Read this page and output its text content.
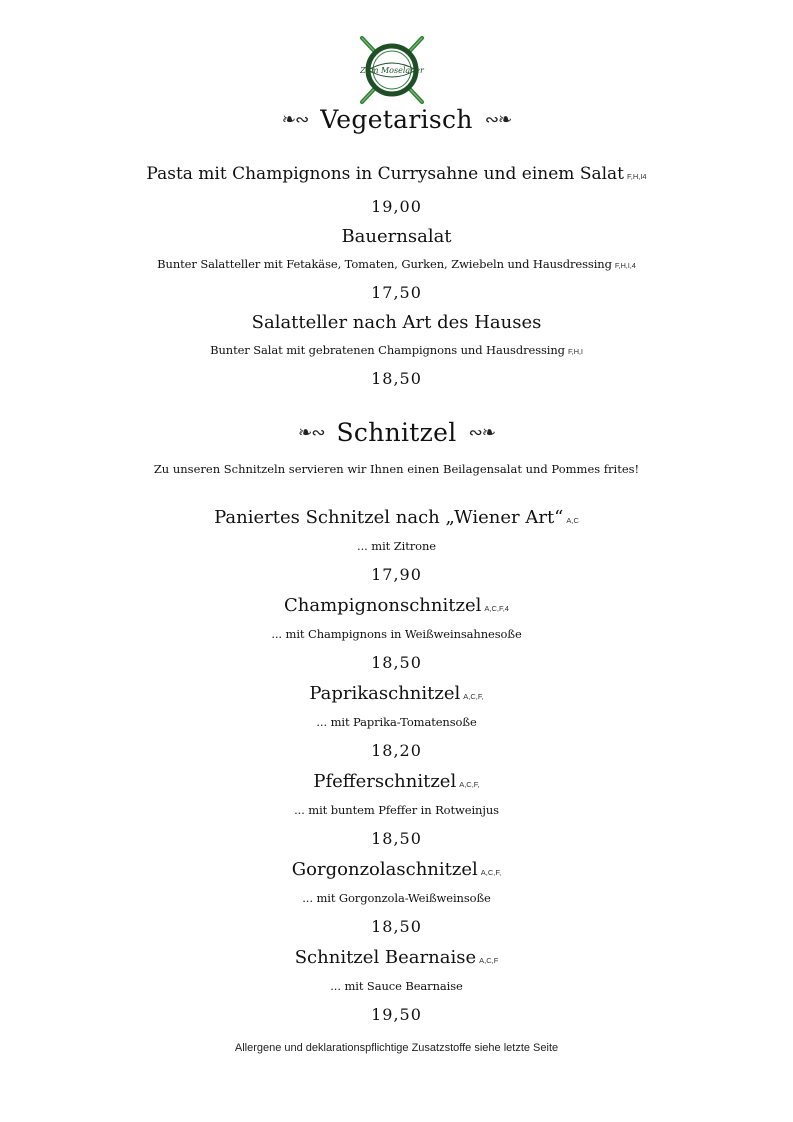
Zum Moselaner
❧∾ Vegetarisch ∾❧
Pasta mit Champignons in Currysahne und einem Salat F,H,I4
19,00
Bauernsalat
Bunter Salatteller mit Fetakäse, Tomaten, Gurken, Zwiebeln und Hausdressing F,H,I,4
17,50
Salatteller nach Art des Hauses
Bunter Salat mit gebratenen Champignons und Hausdressing F,H,I
18,50
❧∾ Schnitzel ∾❧
Zu unseren Schnitzeln servieren wir Ihnen einen Beilagensalat und Pommes frites!
Paniertes Schnitzel nach „Wiener Art“ A,C
... mit Zitrone
17,90
Champignonschnitzel A,C,F,4
... mit Champignons in Weißweinsahnesoße
18,50
Paprikaschnitzel A,C,F,
... mit Paprika-Tomatensoße
18,20
Pfefferschnitzel A,C,F,
... mit buntem Pfeffer in Rotweinjus
18,50
Gorgonzolaschnitzel A,C,F,
... mit Gorgonzola-Weißweinsoße
18,50
Schnitzel Bearnaise A,C,F
... mit Sauce Bearnaise
19,50
Allergene und deklarationspflichtige Zusatzstoffe siehe letzte Seite
